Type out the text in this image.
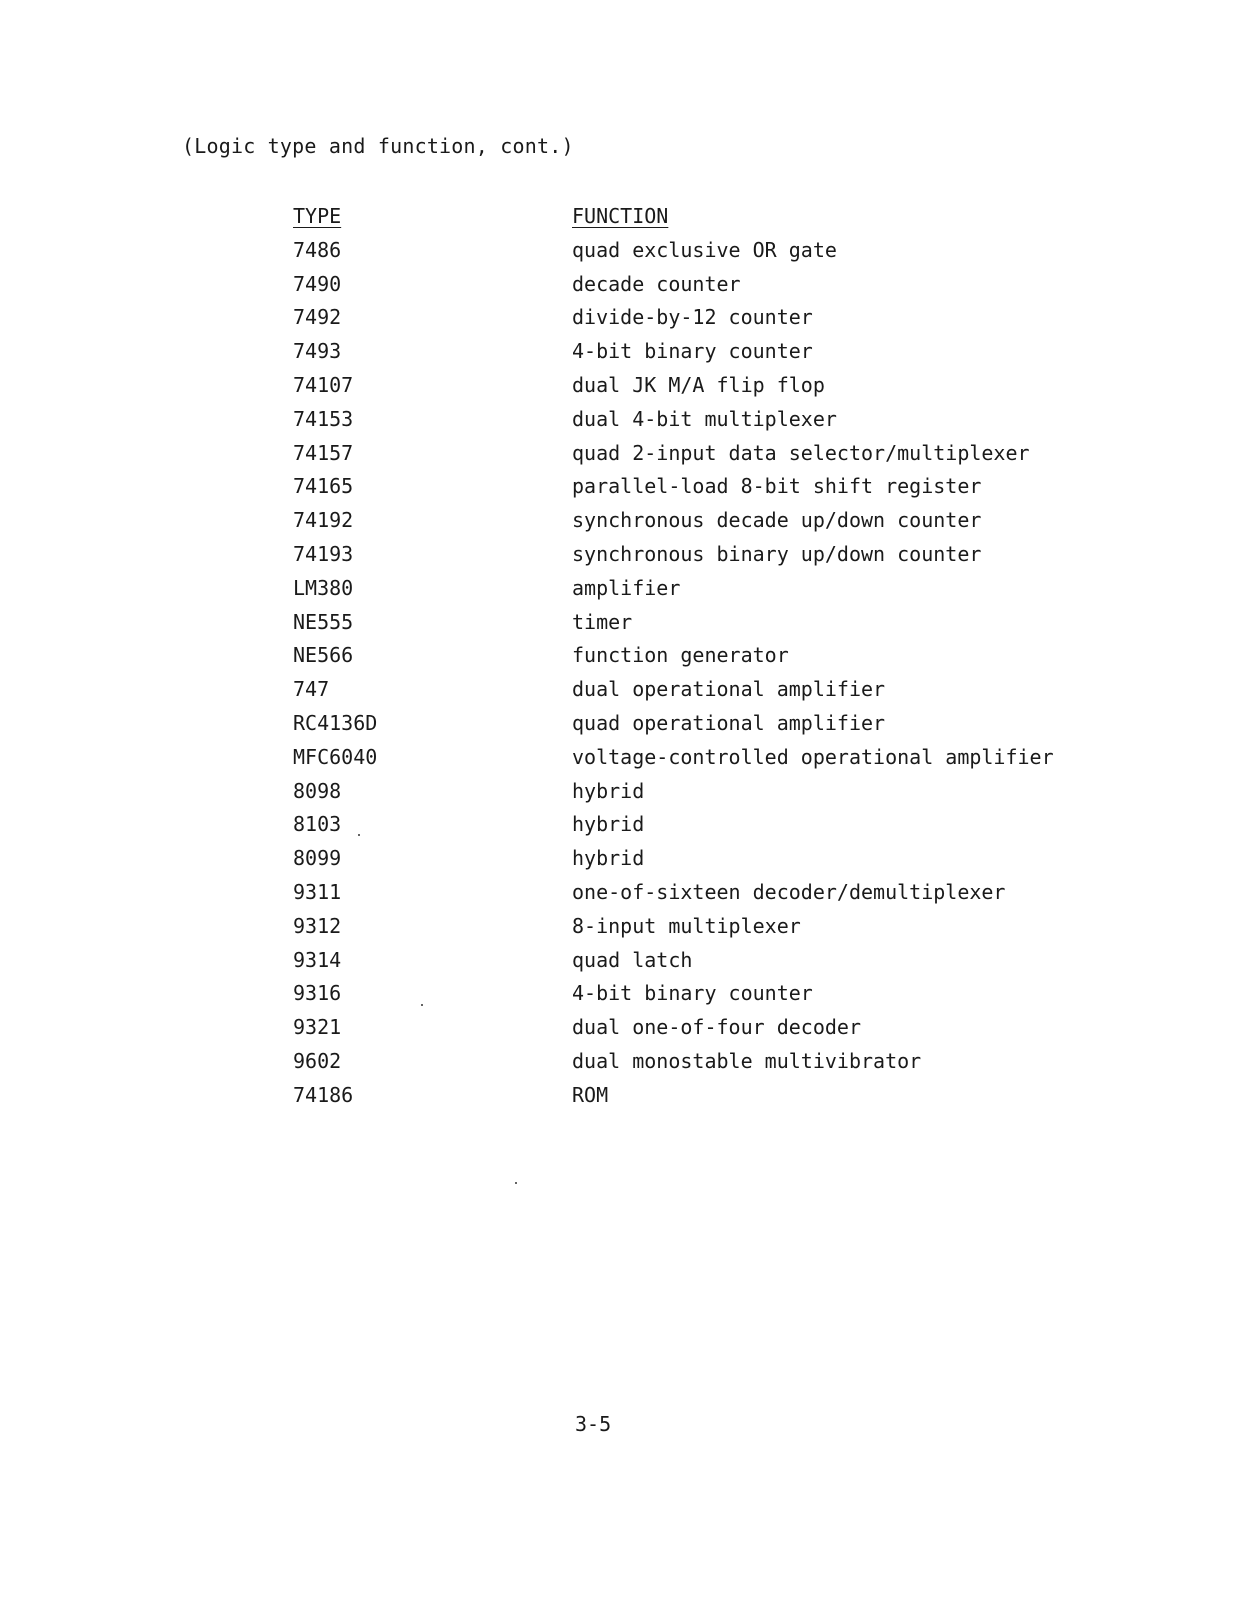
(Logic type and function, cont.)
TYPE	FUNCTION
7486	quad exclusive OR gate
7490	decade counter
7492	divide-by-12 counter
7493	4-bit binary counter
74107	dual JK M/A flip flop
74153	dual 4-bit multiplexer
74157	quad 2-input data selector/multiplexer
74165	parallel-load 8-bit shift register
74192	synchronous decade up/down counter
74193	synchronous binary up/down counter
LM380	amplifier
NE555	timer
NE566	function generator
747	dual operational amplifier
RC4136D	quad operational amplifier
MFC6040	voltage-controlled operational amplifier
8098	hybrid
8103	hybrid
8099	hybrid
9311	one-of-sixteen decoder/demultiplexer
9312	8-input multiplexer
9314	quad latch
9316	4-bit binary counter
9321	dual one-of-four decoder
9602	dual monostable multivibrator
74186	ROM
3-5
